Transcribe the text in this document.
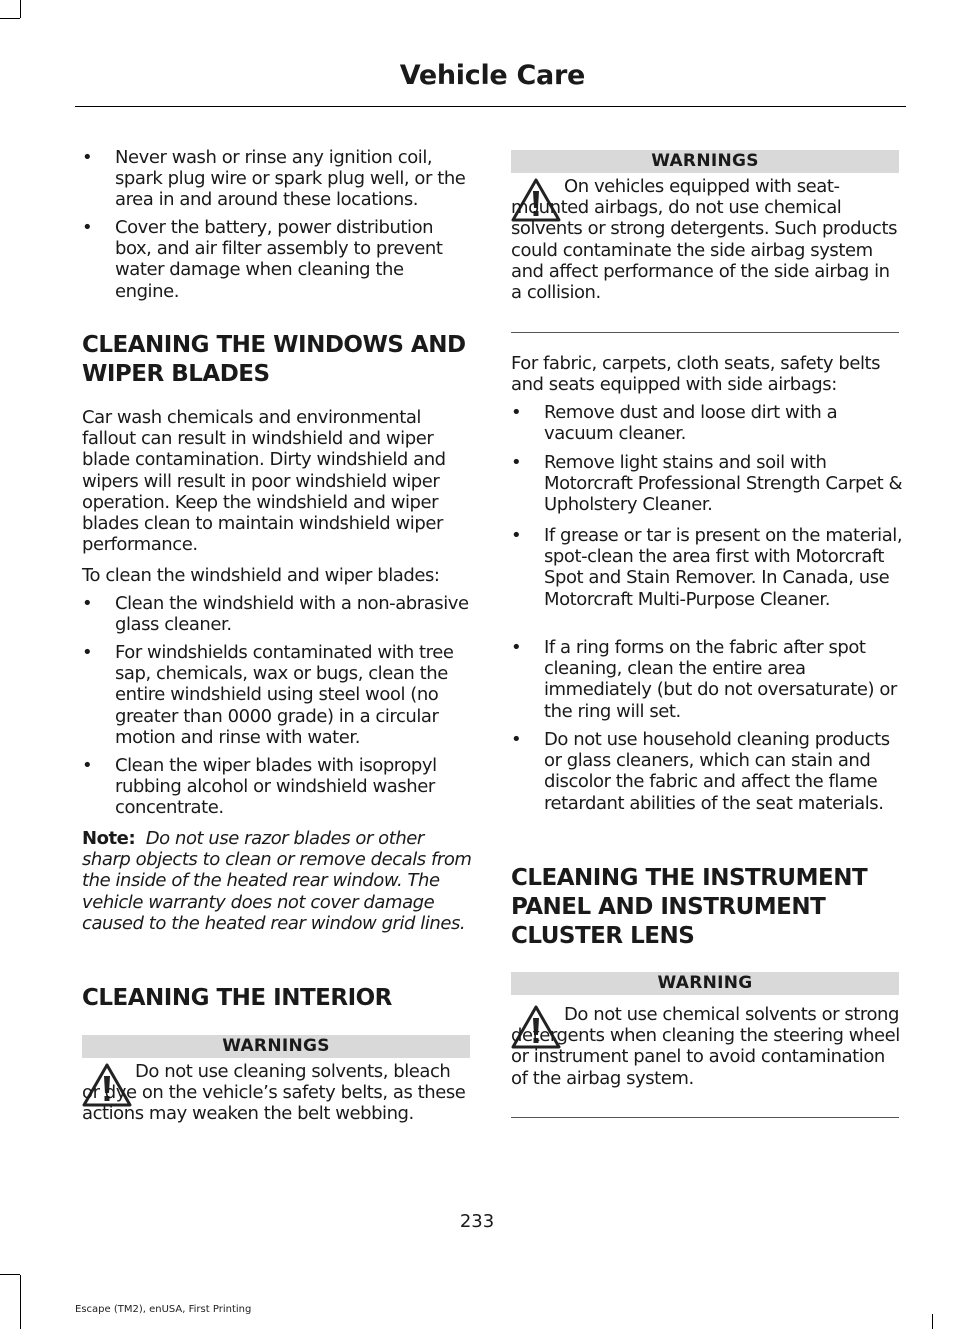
Vehicle Care
• Never wash or rinse any ignition coil, spark plug wire or spark plug well, or the area in and around these locations.
• Cover the battery, power distribution box, and air filter assembly to prevent water damage when cleaning the engine.
CLEANING THE WINDOWS AND WIPER BLADES
Car wash chemicals and environmental fallout can result in windshield and wiper blade contamination. Dirty windshield and wipers will result in poor windshield wiper operation. Keep the windshield and wiper blades clean to maintain windshield wiper performance.
To clean the windshield and wiper blades:
• Clean the windshield with a non-abrasive glass cleaner.
• For windshields contaminated with tree sap, chemicals, wax or bugs, clean the entire windshield using steel wool (no greater than 0000 grade) in a circular motion and rinse with water.
• Clean the wiper blades with isopropyl rubbing alcohol or windshield washer concentrate.
Note: Do not use razor blades or other sharp objects to clean or remove decals from the inside of the heated rear window. The vehicle warranty does not cover damage caused to the heated rear window grid lines.
CLEANING THE INTERIOR
WARNINGS
Do not use cleaning solvents, bleach or dye on the vehicle’s safety belts, as these actions may weaken the belt webbing.
WARNINGS
On vehicles equipped with seat-mounted airbags, do not use chemical solvents or strong detergents. Such products could contaminate the side airbag system and affect performance of the side airbag in a collision.
For fabric, carpets, cloth seats, safety belts and seats equipped with side airbags:
• Remove dust and loose dirt with a vacuum cleaner.
• Remove light stains and soil with Motorcraft Professional Strength Carpet & Upholstery Cleaner.
• If grease or tar is present on the material, spot-clean the area first with Motorcraft Spot and Stain Remover. In Canada, use Motorcraft Multi-Purpose Cleaner.
• If a ring forms on the fabric after spot cleaning, clean the entire area immediately (but do not oversaturate) or the ring will set.
• Do not use household cleaning products or glass cleaners, which can stain and discolor the fabric and affect the flame retardant abilities of the seat materials.
CLEANING THE INSTRUMENT PANEL AND INSTRUMENT CLUSTER LENS
WARNING
Do not use chemical solvents or strong detergents when cleaning the steering wheel or instrument panel to avoid contamination of the airbag system.
233
Escape (TM2), enUSA, First Printing
